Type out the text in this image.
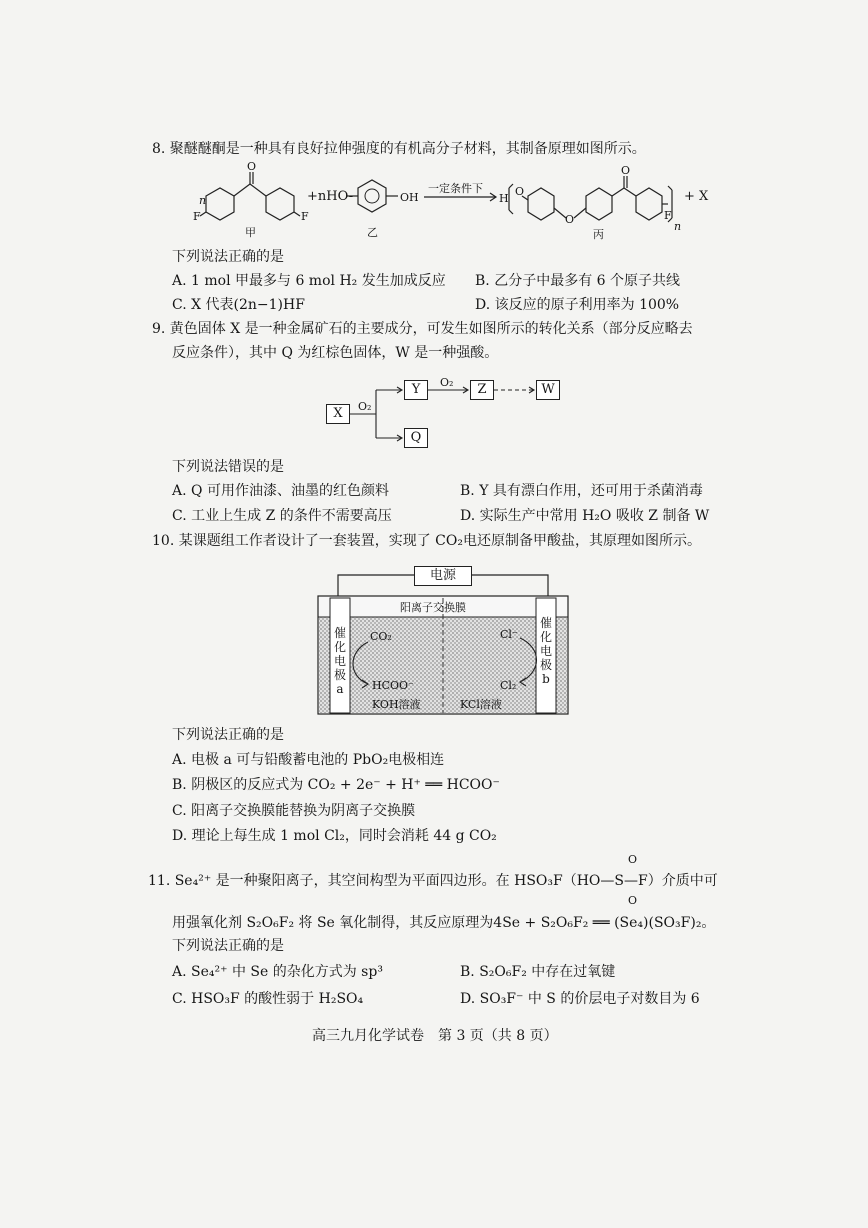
8. 聚醚醚酮是一种具有良好拉伸强度的有机高分子材料，其制备原理如图所示。
n
O
F	F
+nHO-	OH
一定条件下
H
O
O
O
F
n
+ X
甲	乙	丙
下列说法正确的是
A. 1 mol 甲最多与 6 mol H₂ 发生加成反应 B. 乙分子中最多有 6 个原子共线
C. X 代表(2n−1)HF	D. 该反应的原子利用率为 100%
9. 黄色固体 X 是一种金属矿石的主要成分，可发生如图所示的转化关系（部分反应略去
反应条件），其中 Q 为红棕色固体，W 是一种强酸。
X
Y	Z	W
Q
O₂
O₂
下列说法错误的是
A. Q 可用作油漆、油墨的红色颜料	B. Y 具有漂白作用，还可用于杀菌消毒
C. 工业上生成 Z 的条件不需要高压	D. 实际生产中常用 H₂O 吸收 Z 制备 W
10. 某课题组工作者设计了一套装置，实现了 CO₂电还原制备甲酸盐，其原理如图所示。
电源
阳离子交换膜
催
化
电
极
a
催
化
电
极
b
CO₂
HCOO⁻
Cl⁻
Cl₂
KOH溶液	KCl溶液
下列说法正确的是
A. 电极 a 可与铅酸蓄电池的 PbO₂电极相连
B. 阴极区的反应式为 CO₂ + 2e⁻ + H⁺ ══ HCOO⁻
C. 阳离子交换膜能替换为阴离子交换膜
D. 理论上每生成 1 mol Cl₂，同时会消耗 44 g CO₂
O
11. Se₄²⁺ 是一种聚阳离子，其空间构型为平面四边形。在 HSO₃F（HO—S—F）介质中可
O
用强氧化剂 S₂O₆F₂ 将 Se 氧化制得，其反应原理为4Se + S₂O₆F₂ ══ (Se₄)(SO₃F)₂。
下列说法正确的是
A. Se₄²⁺ 中 Se 的杂化方式为 sp³	B. S₂O₆F₂ 中存在过氧键
C. HSO₃F 的酸性弱于 H₂SO₄	D. SO₃F⁻ 中 S 的价层电子对数目为 6
高三九月化学试卷　第 3 页（共 8 页）
